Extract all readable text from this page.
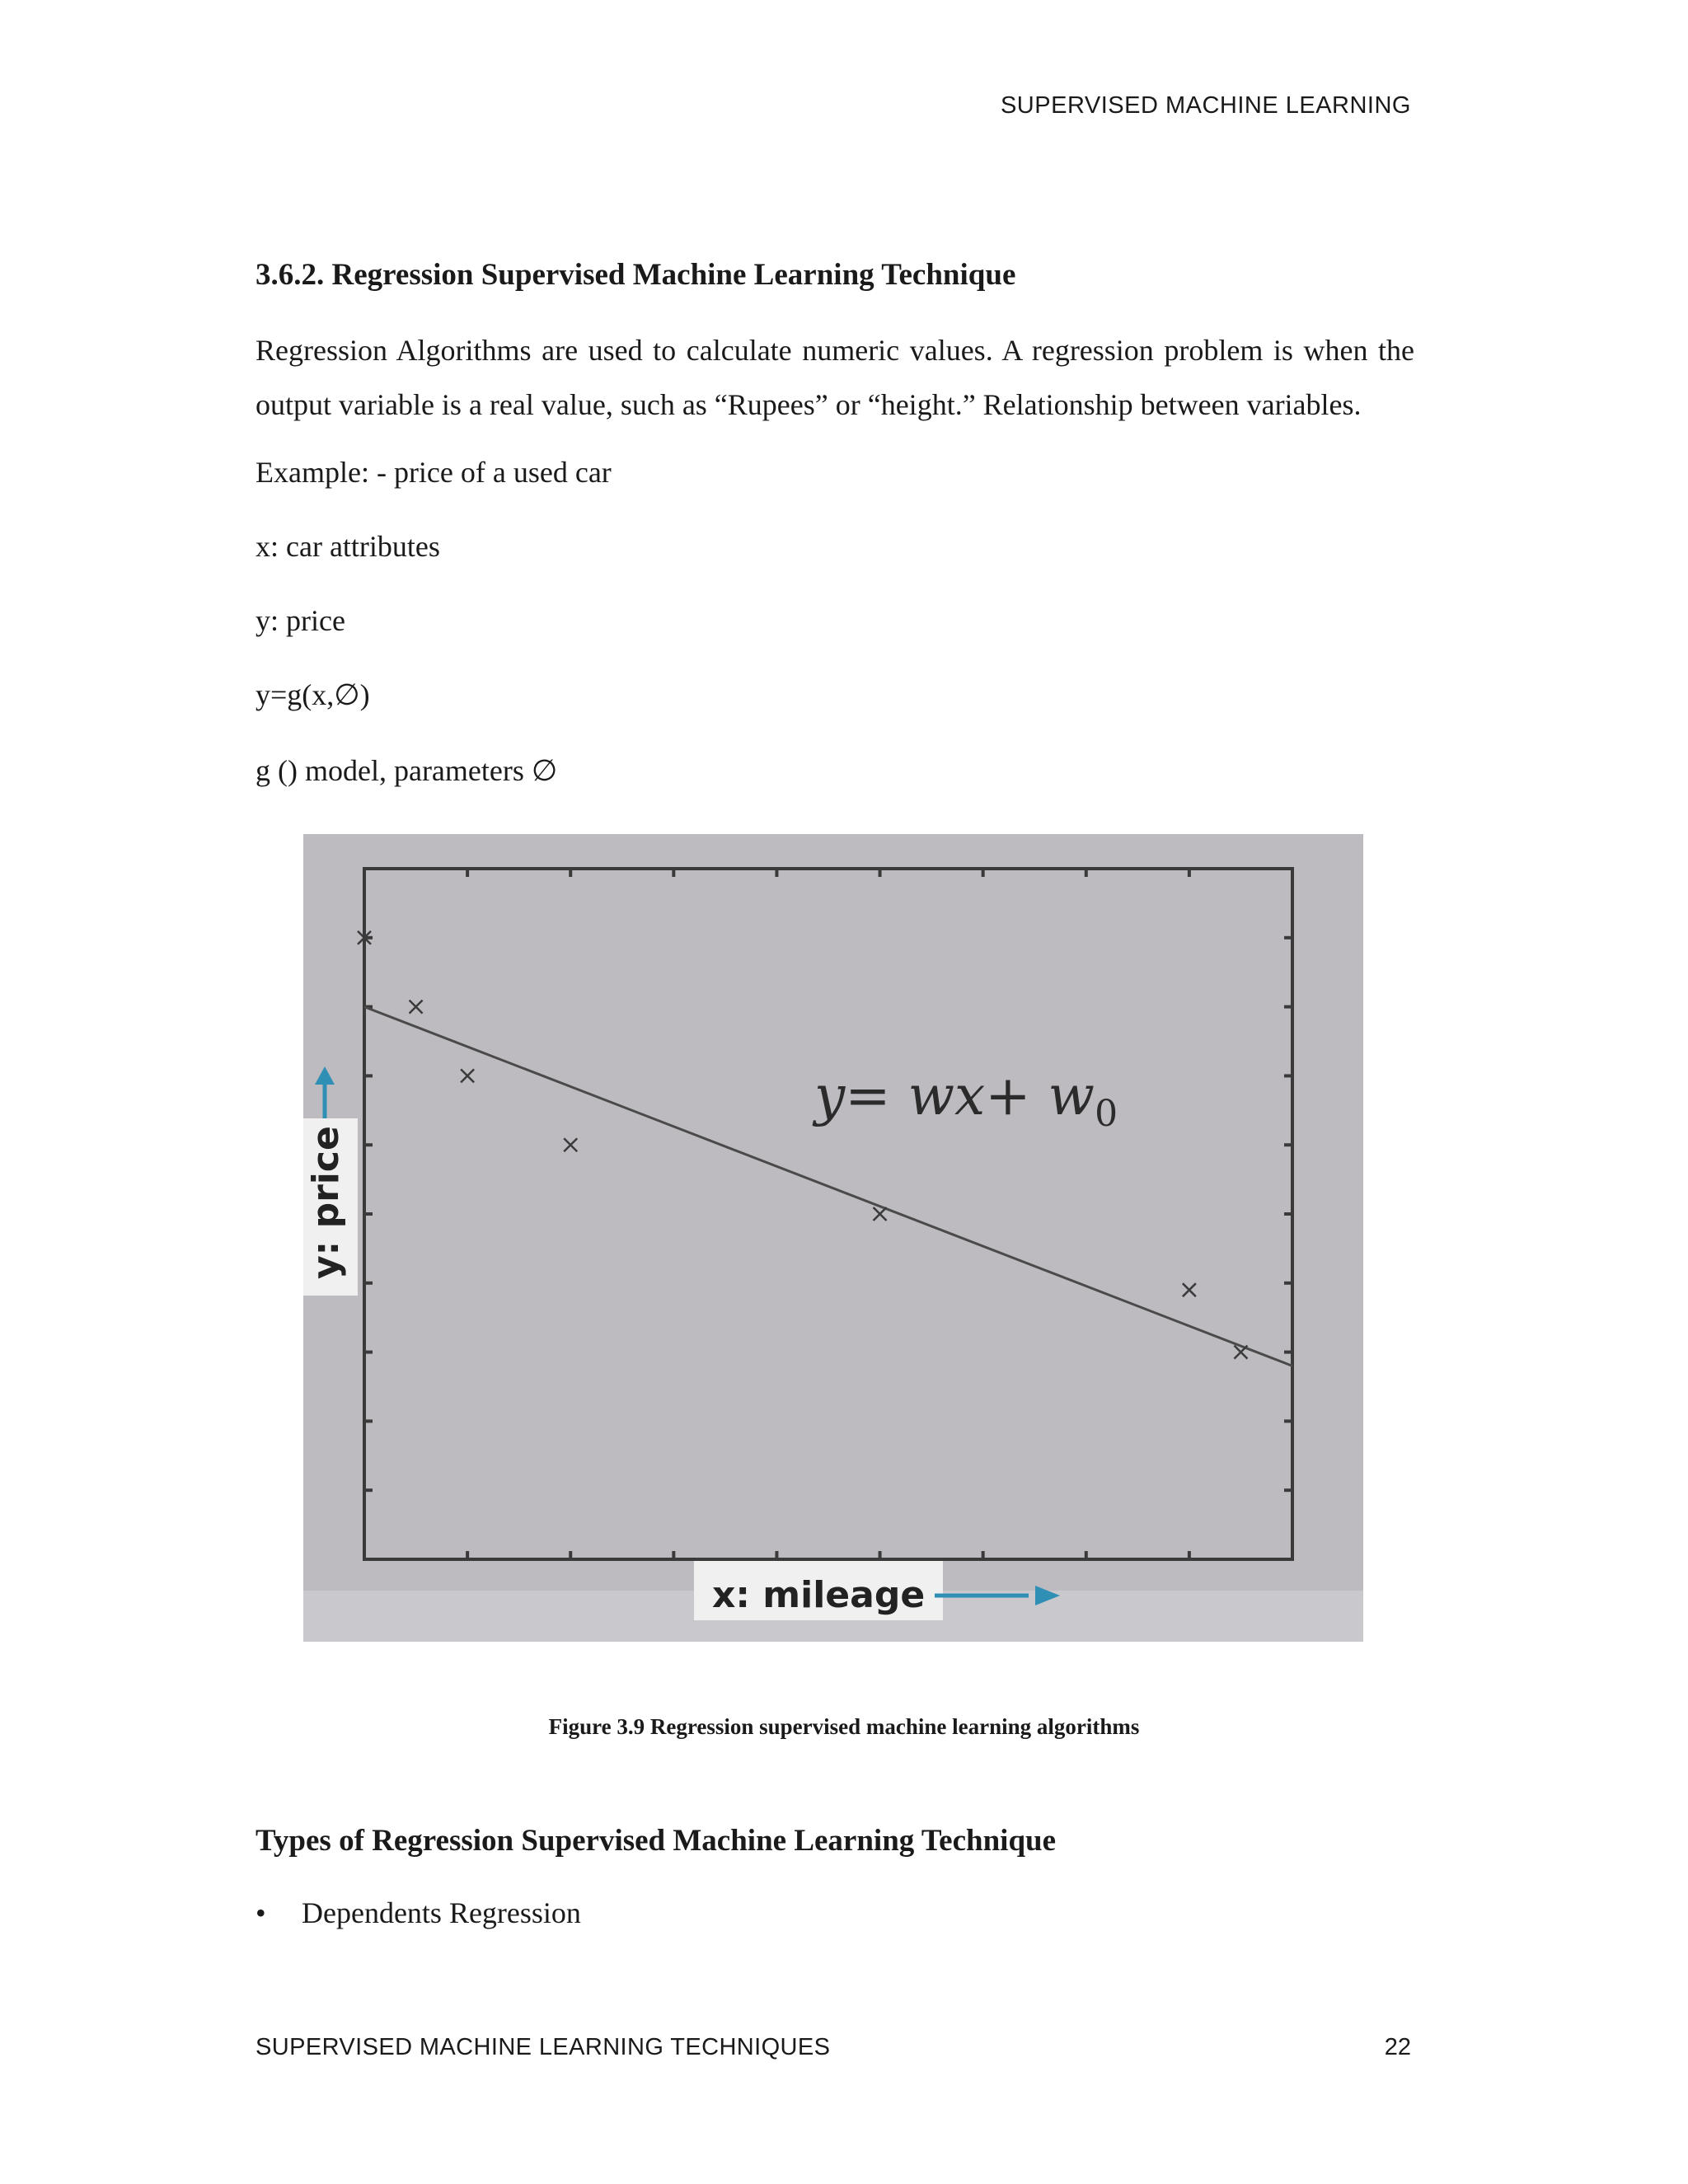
SUPERVISED MACHINE LEARNING
3.6.2. Regression Supervised Machine Learning Technique
Regression Algorithms are used to calculate numeric values. A regression problem is when the output variable is a real value, such as “Rupees” or “height.” Relationship between variables.
Example: - price of a used car
x: car attributes
y: price
y=g(x,∅)
g () model, parameters ∅
$y= wx+ w_0$
y: price
x: mileage
Figure 3.9 Regression supervised machine learning algorithms
Types of Regression Supervised Machine Learning Technique
• Dependents Regression
SUPERVISED MACHINE LEARNING TECHNIQUES	22
